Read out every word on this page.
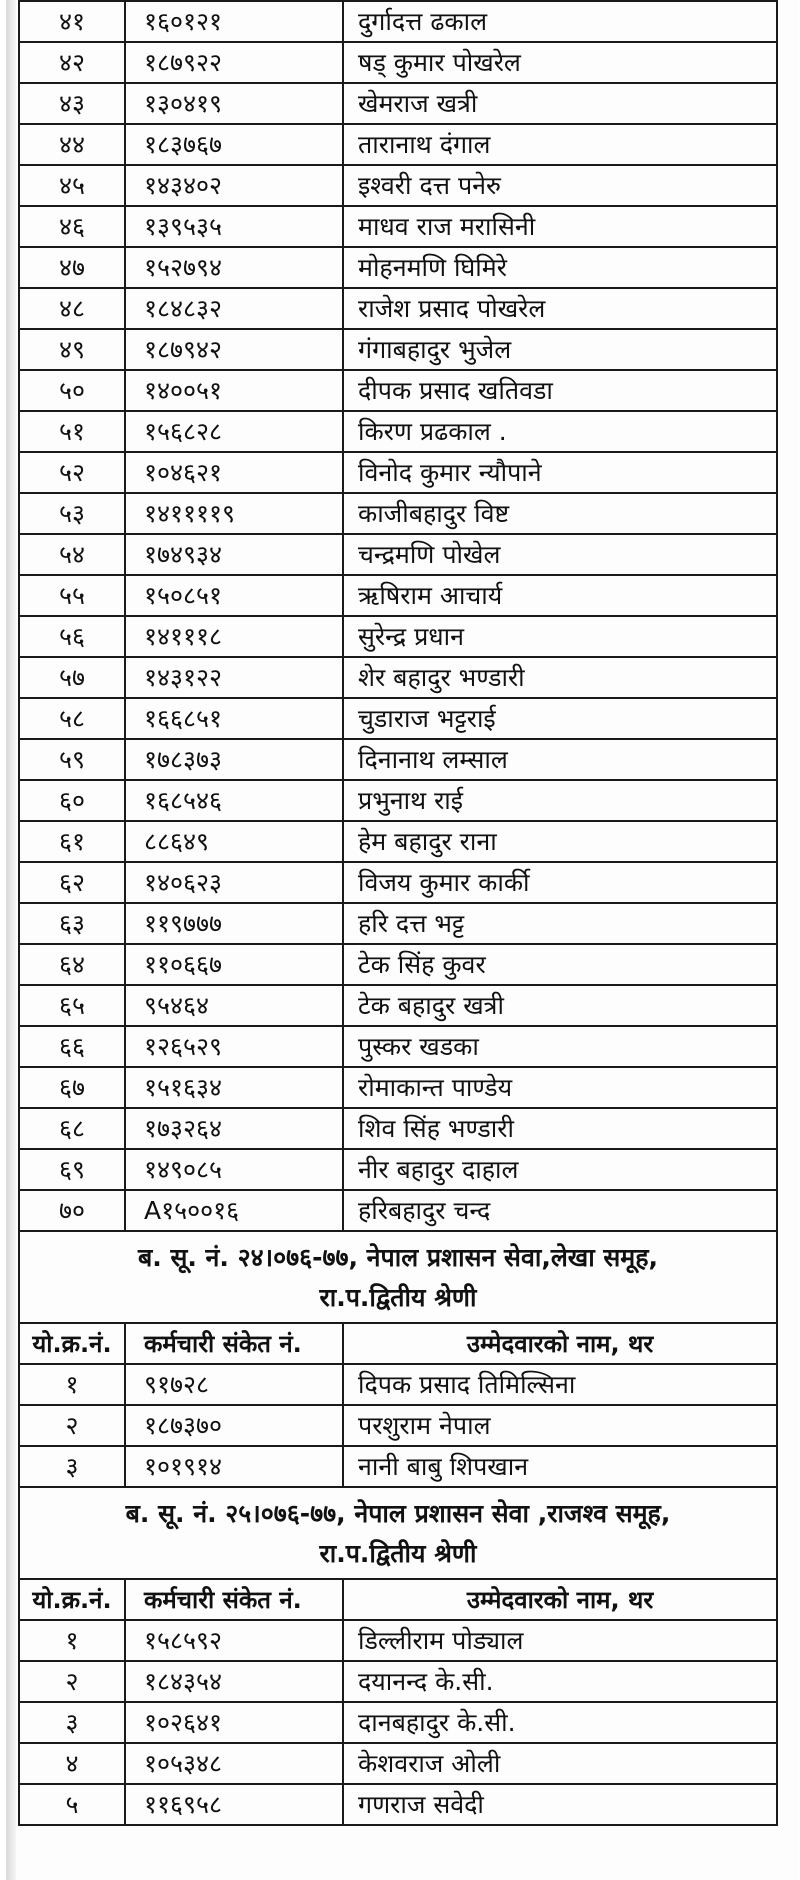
४१	१६०१२१	दुर्गादत्त ढकाल
४२	१८७९२२	षड् कुमार पोखरेल
४३	१३०४१९	खेमराज खत्री
४४	१८३७६७	तारानाथ दंगाल
४५	१४३४०२	इश्वरी दत्त पनेरु
४६	१३९५३५	माधव राज मरासिनी
४७	१५२७९४	मोहनमणि घिमिरे
४८	१८४८३२	राजेश प्रसाद पोखरेल
४९	१८७९४२	गंगाबहादुर भुजेल
५०	१४००५१	दीपक प्रसाद खतिवडा
५१	१५६८२८	किरण प्रढकाल .
५२	१०४६२१	विनोद कुमार न्यौपाने
५३	१४११११९	काजीबहादुर विष्ट
५४	१७४९३४	चन्द्रमणि पोखेल
५५	१५०८५१	ऋषिराम आचार्य
५६	१४१११८	सुरेन्द्र प्रधान
५७	१४३१२२	शेर बहादुर भण्डारी
५८	१६६८५१	चुडाराज भट्टराई
५९	१७८३७३	दिनानाथ लम्साल
६०	१६८५४६	प्रभुनाथ राई
६१	८८६४९	हेम बहादुर राना
६२	१४०६२३	विजय कुमार कार्की
६३	११९७७७	हरि दत्त भट्ट
६४	११०६६७	टेक सिंह कुवर
६५	९५४६४	टेक बहादुर खत्री
६६	१२६५२९	पुस्कर खडका
६७	१५१६३४	रोमाकान्त पाण्डेय
६८	१७३२६४	शिव सिंह भण्डारी
६९	१४९०८५	नीर बहादुर दाहाल
७०	A१५००१६	हरिबहादुर चन्द
ब. सू. नं. २४।०७६-७७, नेपाल प्रशासन सेवा,लेखा समूह,
रा.प.द्वितीय श्रेणी
यो.क्र.नं.	कर्मचारी संकेत नं.	उम्मेदवारको नाम, थर
१	९१७२८	दिपक प्रसाद तिमिल्सिना
२	१८७३७०	परशुराम नेपाल
३	१०१९१४	नानी बाबु शिपखान
ब. सू. नं. २५।०७६-७७, नेपाल प्रशासन सेवा ,राजश्व समूह,
रा.प.द्वितीय श्रेणी
यो.क्र.नं.	कर्मचारी संकेत नं.	उम्मेदवारको नाम, थर
१	१५८५९२	डिल्लीराम पोड्याल
२	१८४३५४	दयानन्द के.सी.
३	१०२६४१	दानबहादुर के.सी.
४	१०५३४८	केशवराज ओली
५	११६९५८	गणराज सवेदी
